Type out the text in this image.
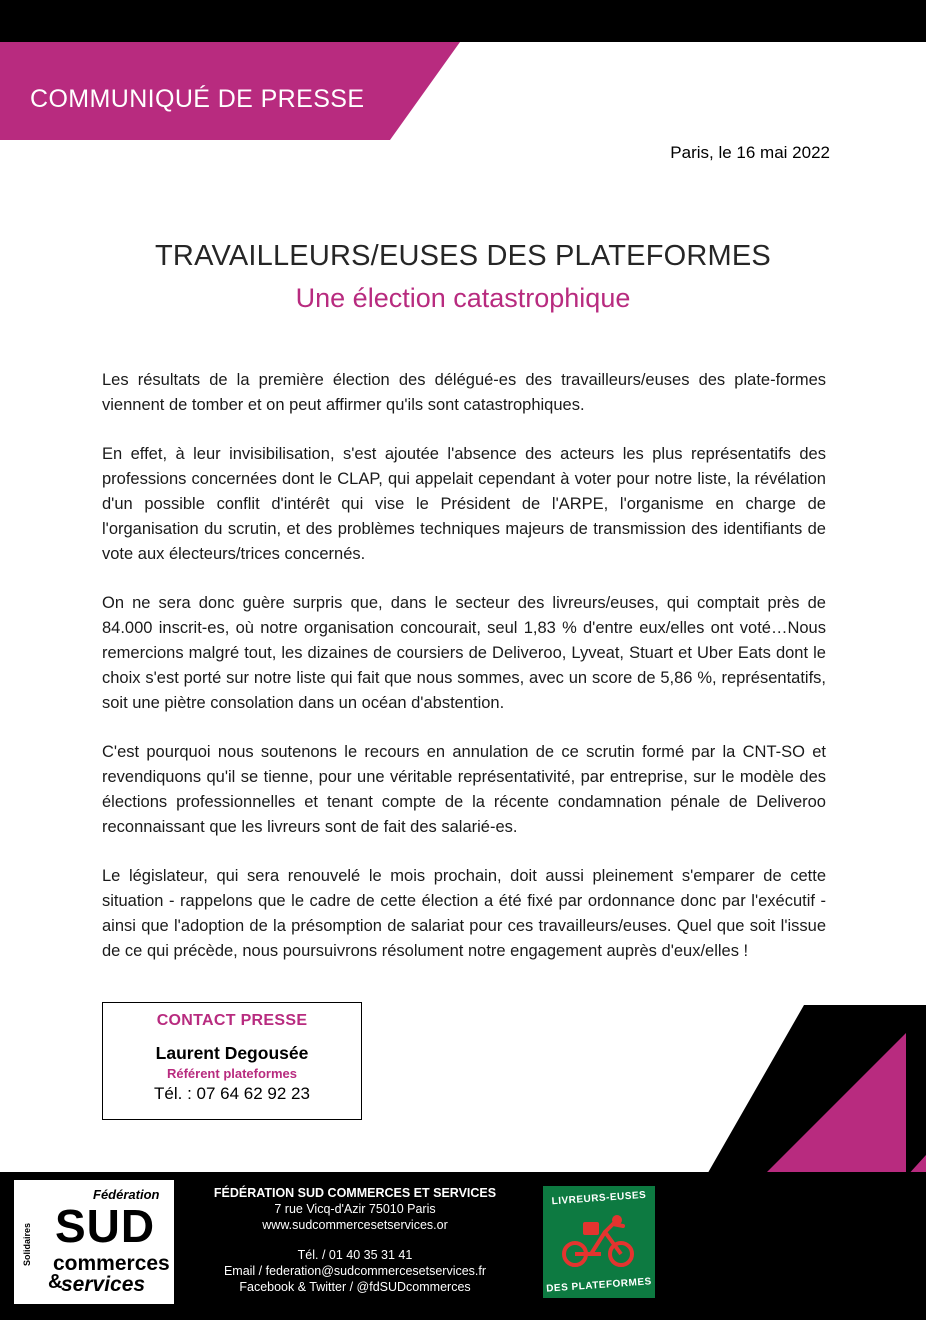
COMMUNIQUÉ DE PRESSE
Paris, le 16 mai 2022
TRAVAILLEURS/EUSES DES PLATEFORMES
Une élection catastrophique

Les résultats de la première élection des délégué-es des travailleurs/euses des plate-formes viennent de tomber et on peut affirmer qu'ils sont catastrophiques.

En effet, à leur invisibilisation, s'est ajoutée l'absence des acteurs les plus représentatifs des professions concernées dont le CLAP, qui appelait cependant à voter pour notre liste, la révélation d'un possible conflit d'intérêt qui vise le Président de l'ARPE, l'organisme en charge de l'organisation du scrutin, et des problèmes techniques majeurs de transmission des identifiants de vote aux électeurs/trices concernés.

On ne sera donc guère surpris que, dans le secteur des livreurs/euses, qui comptait près de 84.000 inscrit-es, où notre organisation concourait, seul 1,83 % d'entre eux/elles ont voté…Nous remercions malgré tout, les dizaines de coursiers de Deliveroo, Lyveat, Stuart et Uber Eats dont le choix s'est porté sur notre liste qui fait que nous sommes, avec un score de 5,86 %, représentatifs, soit une piètre consolation dans un océan d'abstention.

C'est pourquoi nous soutenons le recours en annulation de ce scrutin formé par la CNT-SO et revendiquons qu'il se tienne, pour une véritable représentativité, par entreprise, sur le modèle des élections professionnelles et tenant compte de la récente condamnation pénale de Deliveroo reconnaissant que les livreurs sont de fait des salarié-es.

Le législateur, qui sera renouvelé le mois prochain, doit aussi pleinement s'emparer de cette situation - rappelons que le cadre de cette élection a été fixé par ordonnance donc par l'exécutif - ainsi que l'adoption de la présomption de salariat pour ces travailleurs/euses. Quel que soit l'issue de ce qui précède, nous poursuivrons résolument notre engagement auprès d'eux/elles !

CONTACT PRESSE
Laurent Degousée
Référent plateformes
Tél. : 07 64 62 92 23
Solidaires
Fédération
SUD
commerces
&
services
FÉDÉRATION SUD COMMERCES ET SERVICES
7 rue Vicq-d'Azir 75010 Paris
www.sudcommercesetservices.or
Tél. / 01 40 35 31 41
Email / federation@sudcommercesetservices.fr
Facebook & Twitter / @fdSUDcommerces
LIVREURS-EUSES
DES PLATEFORMES
